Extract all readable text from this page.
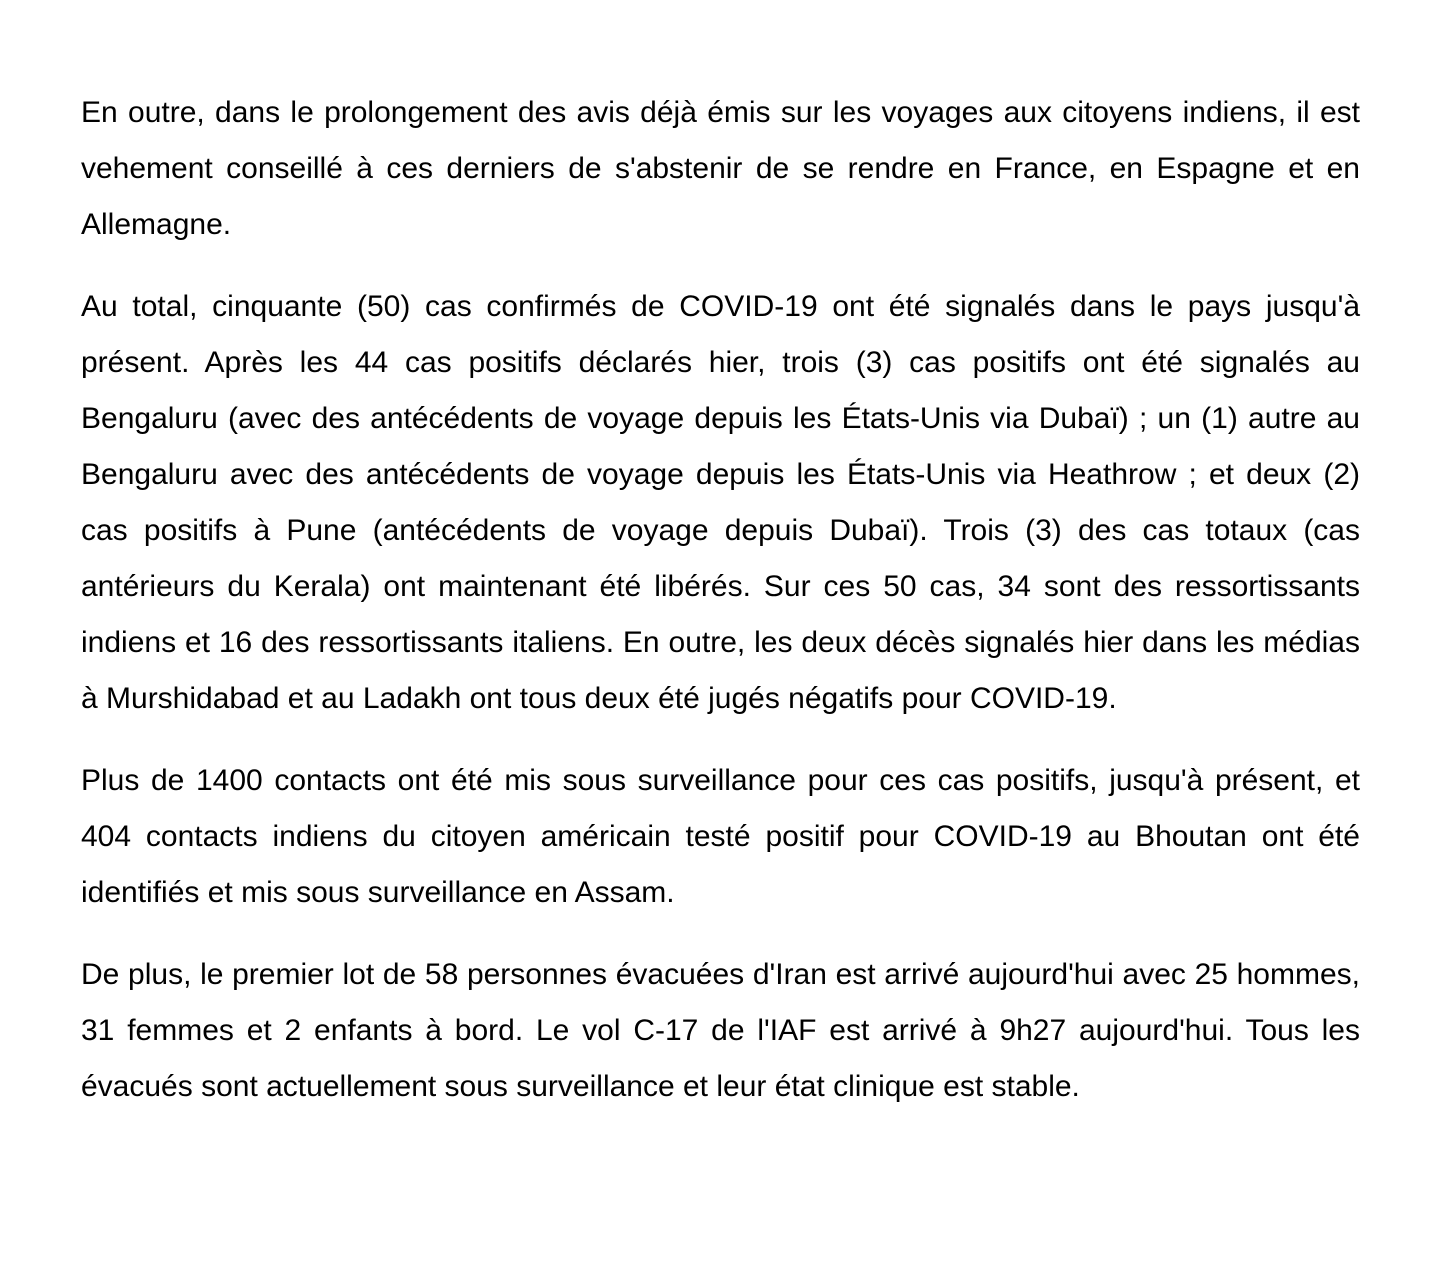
En outre, dans le prolongement des avis déjà émis sur les voyages aux citoyens indiens, il est vehement conseillé à ces derniers de s'abstenir de se rendre en France, en Espagne et en Allemagne.

Au total, cinquante (50) cas confirmés de COVID-19 ont été signalés dans le pays jusqu'à présent. Après les 44 cas positifs déclarés hier, trois (3) cas positifs ont été signalés au Bengaluru (avec des antécédents de voyage depuis les États-Unis via Dubaï) ; un (1) autre au Bengaluru avec des antécédents de voyage depuis les États-Unis via Heathrow ; et deux (2) cas positifs à Pune (antécédents de voyage depuis Dubaï). Trois (3) des cas totaux (cas antérieurs du Kerala) ont maintenant été libérés. Sur ces 50 cas, 34 sont des ressortissants indiens et 16 des ressortissants italiens. En outre, les deux décès signalés hier dans les médias à Murshidabad et au Ladakh ont tous deux été jugés négatifs pour COVID-19.

Plus de 1400 contacts ont été mis sous surveillance pour ces cas positifs, jusqu'à présent, et 404 contacts indiens du citoyen américain testé positif pour COVID-19 au Bhoutan ont été identifiés et mis sous surveillance en Assam.

De plus, le premier lot de 58 personnes évacuées d'Iran est arrivé aujourd'hui avec 25 hommes, 31 femmes et 2 enfants à bord. Le vol C-17 de l'IAF est arrivé à 9h27 aujourd'hui. Tous les évacués sont actuellement sous surveillance et leur état clinique est stable.
